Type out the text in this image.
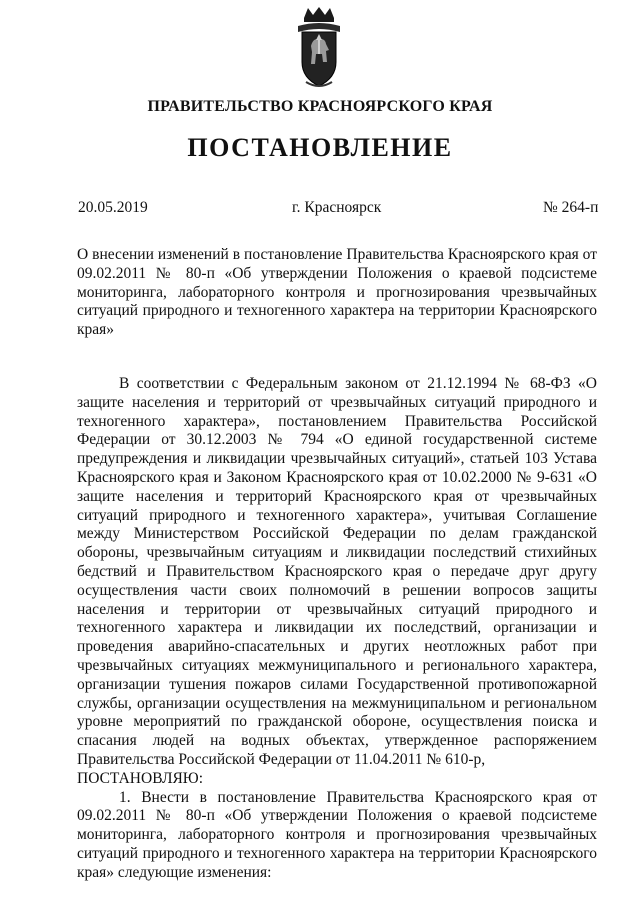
ПРАВИТЕЛЬСТВО КРАСНОЯРСКОГО КРАЯ
ПОСТАНОВЛЕНИЕ
20.05.2019	г. Красноярск	№ 264-п
О внесении изменений в постановление Правительства Красноярского края от 09.02.2011 № 80-п «Об утверждении Положения о краевой подсистеме мониторинга, лабораторного контроля и прогнозирования чрезвычайных ситуаций природного и техногенного характера на территории Красноярского края»

В соответствии с Федеральным законом от 21.12.1994 № 68-ФЗ «О защите населения и территорий от чрезвычайных ситуаций природного и техногенного характера», постановлением Правительства Российской Федерации от 30.12.2003 № 794 «О единой государственной системе предупреждения и ликвидации чрезвычайных ситуаций», статьей 103 Устава Красноярского края и Законом Красноярского края от 10.02.2000 № 9-631 «О защите населения и территорий Красноярского края от чрезвычайных ситуаций природного и техногенного характера», учитывая Соглашение между Министерством Российской Федерации по делам гражданской обороны, чрезвычайным ситуациям и ликвидации последствий стихийных бедствий и Правительством Красноярского края о передаче друг другу осуществления части своих полномочий в решении вопросов защиты населения и территории от чрезвычайных ситуаций природного и техногенного характера и ликвидации их последствий, организации и проведения аварийно-спасательных и других неотложных работ при чрезвычайных ситуациях межмуниципального и регионального характера, организации тушения пожаров силами Государственной противопожарной службы, организации осуществления на межмуниципальном и региональном уровне мероприятий по гражданской обороне, осуществления поиска и спасания людей на водных объектах, утвержденное распоряжением Правительства Российской Федерации от 11.04.2011 № 610-р,

ПОСТАНОВЛЯЮ:

1. Внести в постановление Правительства Красноярского края от 09.02.2011 № 80-п «Об утверждении Положения о краевой подсистеме мониторинга, лабораторного контроля и прогнозирования чрезвычайных ситуаций природного и техногенного характера на территории Красноярского края» следующие изменения:
